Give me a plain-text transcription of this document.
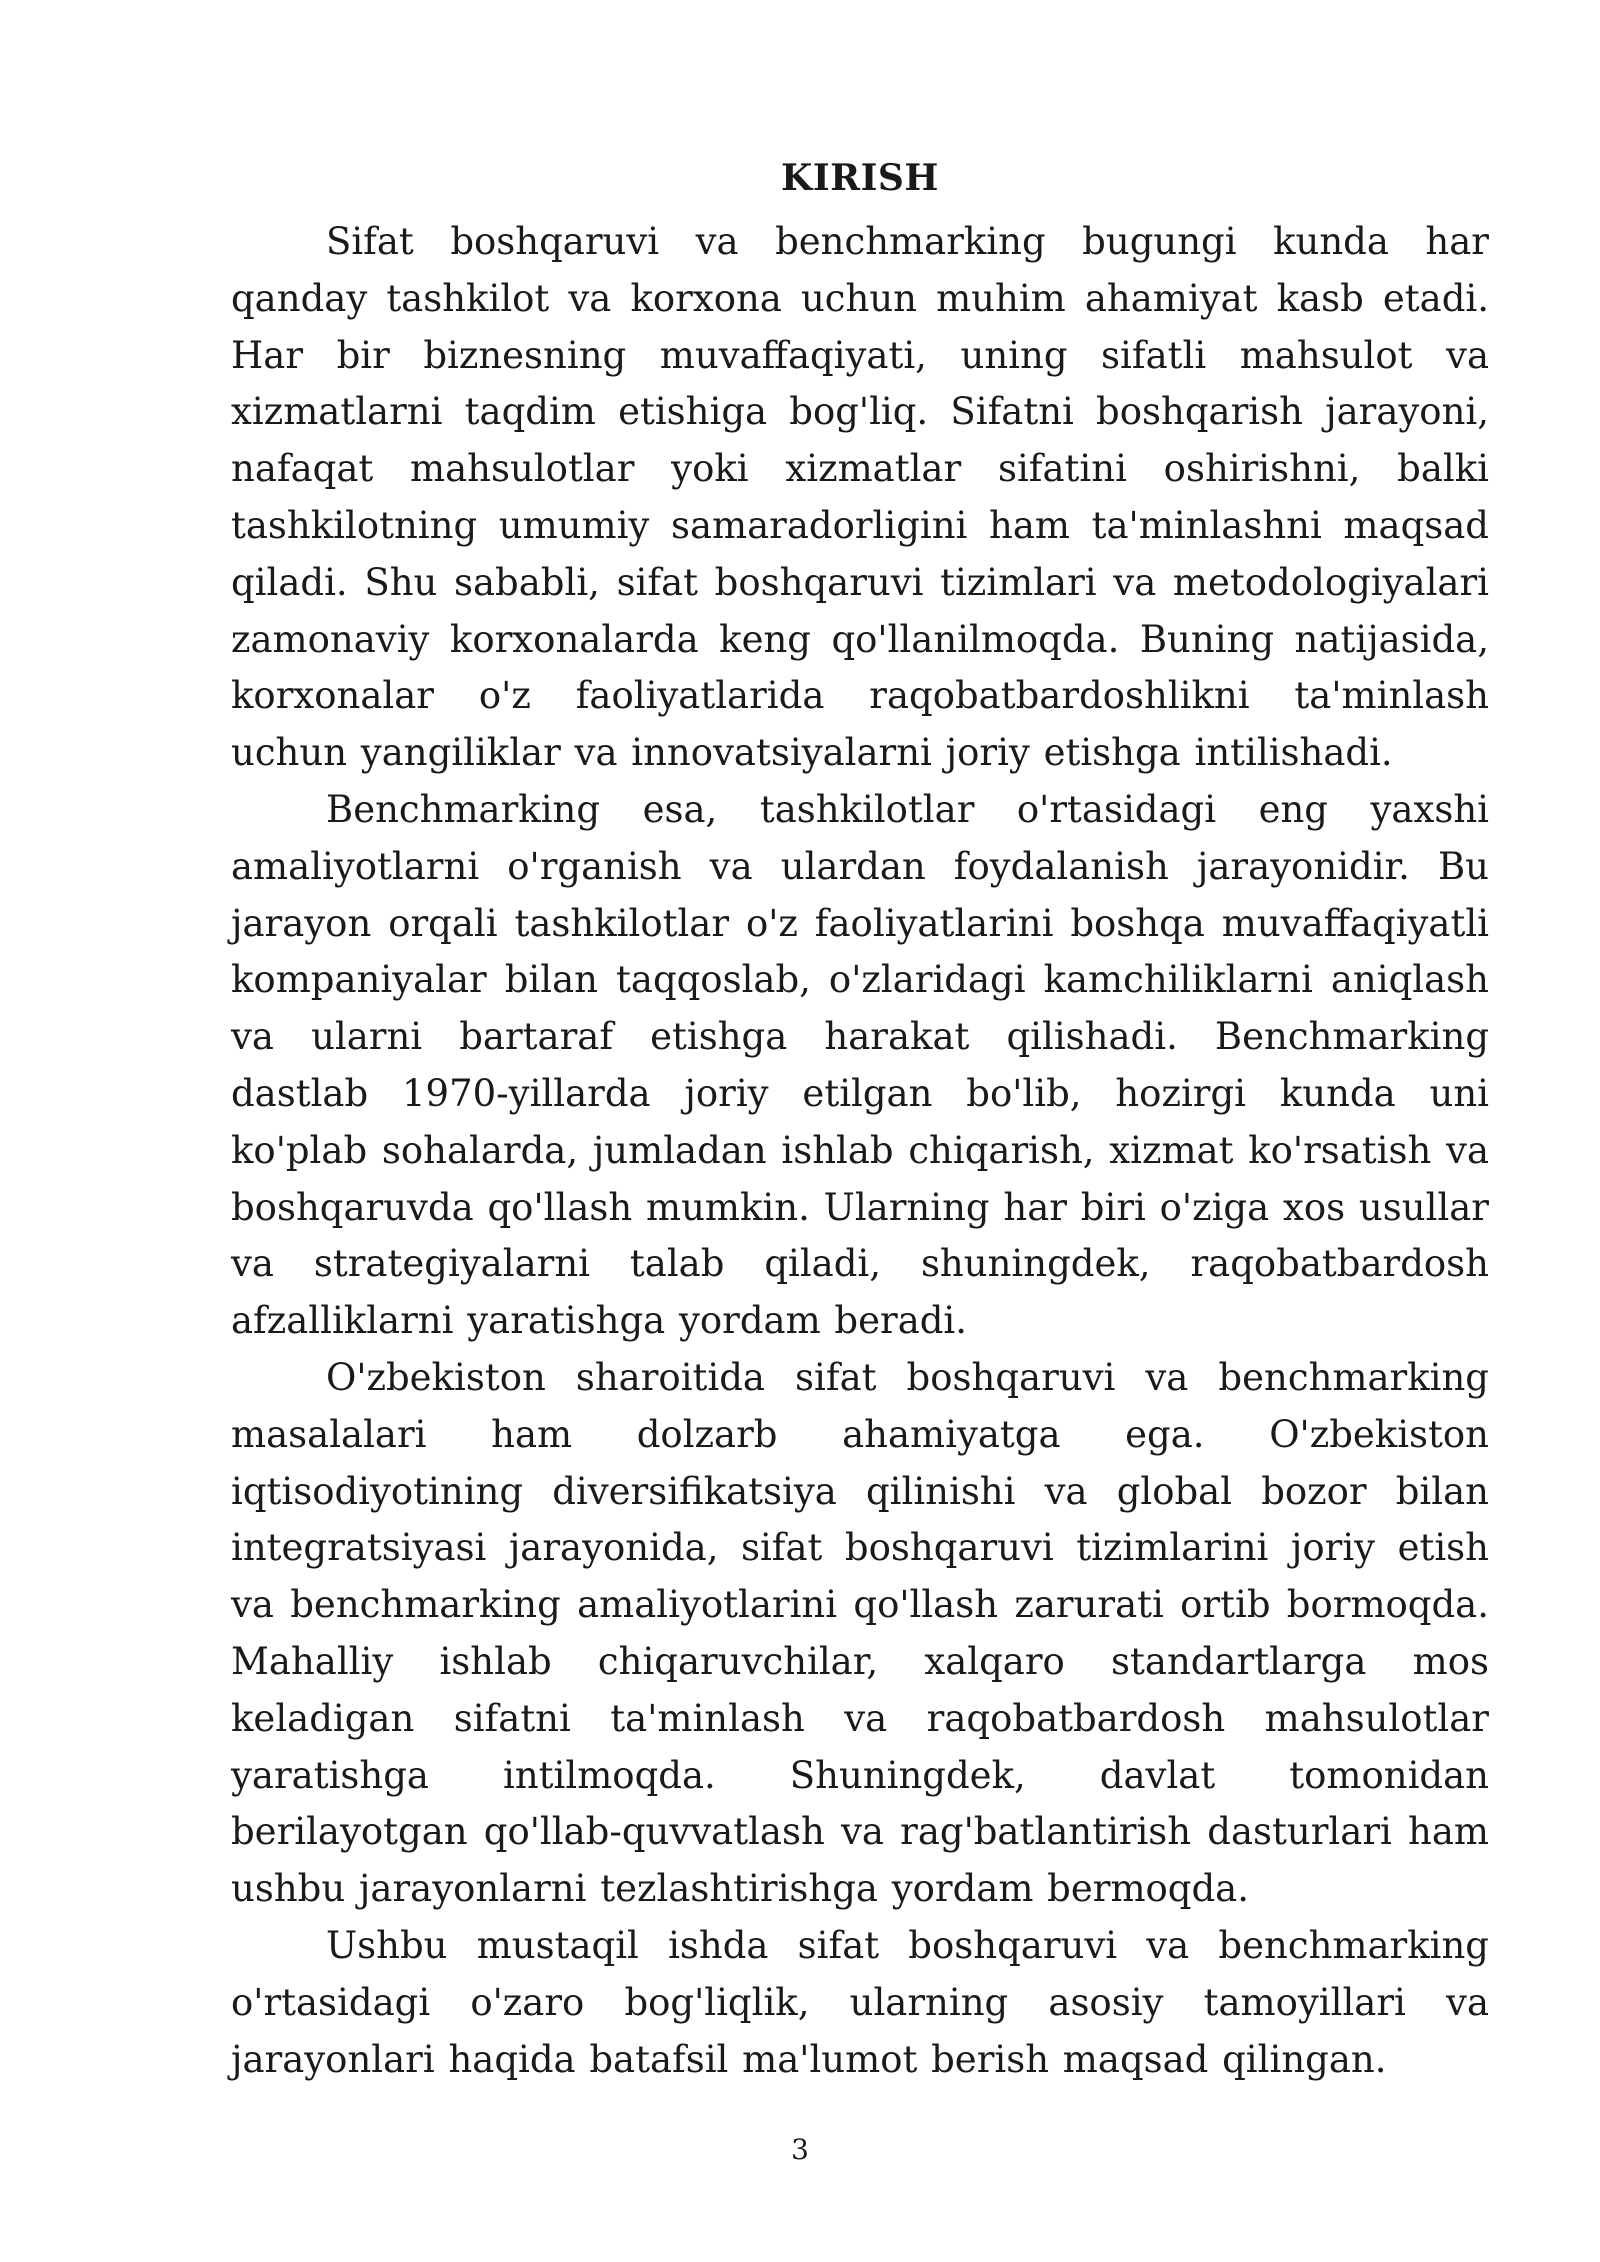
KIRISH

Sifat boshqaruvi va benchmarking bugungi kunda har qanday tashkilot va korxona uchun muhim ahamiyat kasb etadi. Har bir biznesning muvaffaqiyati, uning sifatli mahsulot va xizmatlarni taqdim etishiga bog'liq. Sifatni boshqarish jarayoni, nafaqat mahsulotlar yoki xizmatlar sifatini oshirishni, balki tashkilotning umumiy samaradorligini ham ta'minlashni maqsad qiladi. Shu sababli, sifat boshqaruvi tizimlari va metodologiyalari zamonaviy korxonalarda keng qo'llanilmoqda. Buning natijasida, korxonalar o'z faoliyatlarida raqobatbardoshlikni ta'minlash uchun yangiliklar va innovatsiyalarni joriy etishga intilishadi.

Benchmarking esa, tashkilotlar o'rtasidagi eng yaxshi amaliyotlarni o'rganish va ulardan foydalanish jarayonidir. Bu jarayon orqali tashkilotlar o'z faoliyatlarini boshqa muvaffaqiyatli kompaniyalar bilan taqqoslab, o'zlaridagi kamchiliklarni aniqlash va ularni bartaraf etishga harakat qilishadi. Benchmarking dastlab 1970-yillarda joriy etilgan bo'lib, hozirgi kunda uni ko'plab sohalarda, jumladan ishlab chiqarish, xizmat ko'rsatish va boshqaruvda qo'llash mumkin. Ularning har biri o'ziga xos usullar va strategiyalarni talab qiladi, shuningdek, raqobatbardosh afzalliklarni yaratishga yordam beradi.

O'zbekiston sharoitida sifat boshqaruvi va benchmarking masalalari ham dolzarb ahamiyatga ega. O'zbekiston iqtisodiyotining diversifikatsiya qilinishi va global bozor bilan integratsiyasi jarayonida, sifat boshqaruvi tizimlarini joriy etish va benchmarking amaliyotlarini qo'llash zarurati ortib bormoqda. Mahalliy ishlab chiqaruvchilar, xalqaro standartlarga mos keladigan sifatni ta'minlash va raqobatbardosh mahsulotlar yaratishga intilmoqda. Shuningdek, davlat tomonidan berilayotgan qo'llab-quvvatlash va rag'batlantirish dasturlari ham ushbu jarayonlarni tezlashtirishga yordam bermoqda.

Ushbu mustaqil ishda sifat boshqaruvi va benchmarking o'rtasidagi o'zaro bog'liqlik, ularning asosiy tamoyillari va jarayonlari haqida batafsil ma'lumot berish maqsad qilingan.

3
